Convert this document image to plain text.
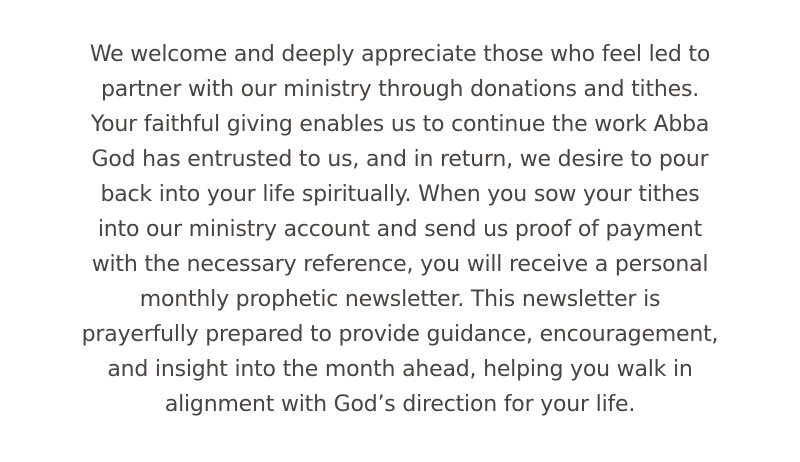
We welcome and deeply appreciate those who feel led to
partner with our ministry through donations and tithes.
Your faithful giving enables us to continue the work Abba
God has entrusted to us, and in return, we desire to pour
back into your life spiritually. When you sow your tithes
into our ministry account and send us proof of payment
with the necessary reference, you will receive a personal
monthly prophetic newsletter. This newsletter is
prayerfully prepared to provide guidance, encouragement,
and insight into the month ahead, helping you walk in
alignment with God’s direction for your life.
